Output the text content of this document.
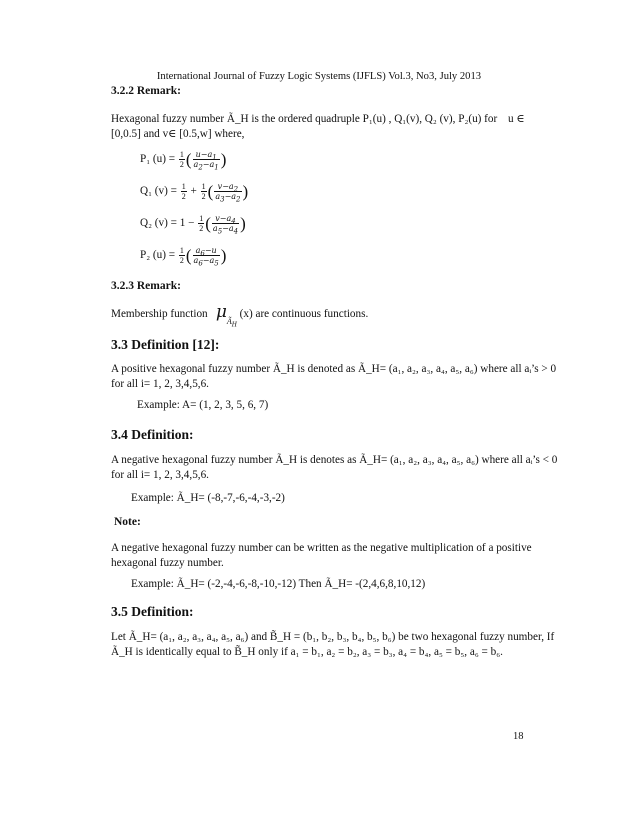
International Journal of Fuzzy Logic Systems (IJFLS) Vol.3, No3, July 2013
3.2.2 Remark:
Hexagonal fuzzy number Ã_H is the ordered quadruple P₁(u) , Q₁(v), Q₂ (v), P₂(u) for u ∈
[0,0.5] and v∈ [0.5,w] where,
P₁ $(u) = \frac{1}{2}$ ( $\frac{u-a_1}{a_2-a_1}$ )
Q₁ $(v) = \frac{1}{2} + \frac{1}{2}$ ( $\frac{v-a_2}{a_3-a_2}$ )
Q₂ $(v) = 1 - \frac{1}{2}$ ( $\frac{v-a_4}{a_5-a_4}$ )
P₂ $(u) = \frac{1}{2}$ ( $\frac{a_6-u}{a_6-a_5}$ )
3.2.3 Remark:
Membership function  $\mu_{Ã_H}$ (x) are continuous functions.
3.3 Definition [12]:
A positive hexagonal fuzzy number Ã_H is denoted as Ã_H= (a₁, a₂, a₃, a₄, a₅, a₆) where all aᵢ’s > 0
for all i= 1, 2, 3,4,5,6.
Example: A= (1, 2, 3, 5, 6, 7)
3.4 Definition:
A negative hexagonal fuzzy number Ã_H is denotes as Ã_H= (a₁, a₂, a₃, a₄, a₅, a₆) where all aᵢ’s < 0
for all i= 1, 2, 3,4,5,6.
Example: Ã_H= (-8,-7,-6,-4,-3,-2)
Note:
A negative hexagonal fuzzy number can be written as the negative multiplication of a positive
hexagonal fuzzy number.
Example: Ã_H= (-2,-4,-6,-8,-10,-12) Then Ã_H= -(2,4,6,8,10,12)
3.5 Definition:
Let Ã_H= (a₁, a₂, a₃, a₄, a₅, a₆) and B̃_H = (b₁, b₂, b₃, b₄, b₅, b₆) be two hexagonal fuzzy number, If
Ã_H is identically equal to B̃_H only if a₁ = b₁, a₂ = b₂, a₃ = b₃, a₄ = b₄, a₅ = b₅, a₆ = b₆.
18
